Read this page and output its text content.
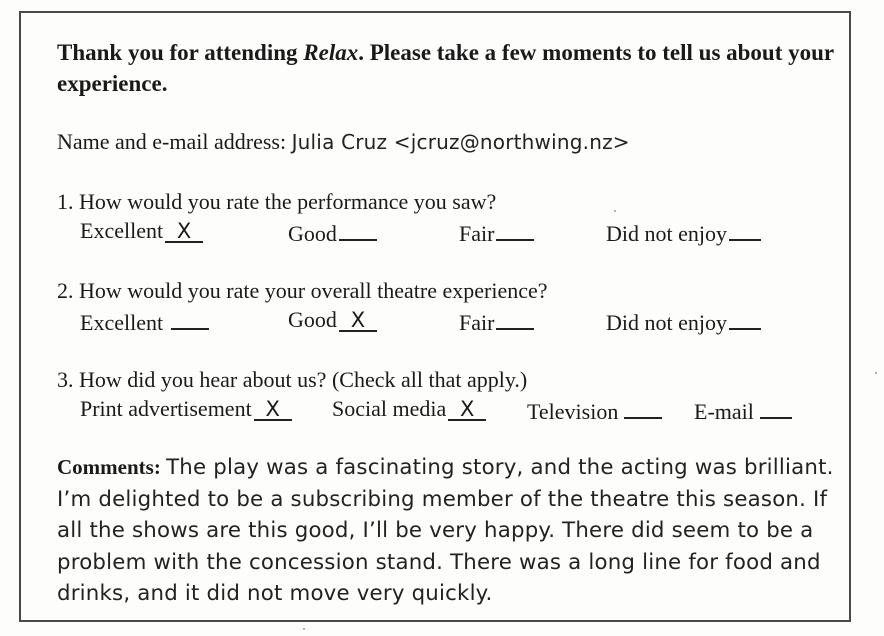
Thank you for attending Relax. Please take a few moments to tell us about your experience.

Name and e-mail address: Julia Cruz <jcruz@northwing.nz>
1. How would you rate the performance you saw?
Excellent X	Good	Fair	Did not enjoy
2. How would you rate your overall theatre experience?
Excellent	Good X	Fair	Did not enjoy
3. How did you hear about us? (Check all that apply.)
Print advertisement X	Social media X	Television	E-mail
Comments: The play was a fascinating story, and the acting was brilliant. I’m delighted to be a subscribing member of the theatre this season. If all the shows are this good, I’ll be very happy. There did seem to be a problem with the concession stand. There was a long line for food and drinks, and it did not move very quickly.
